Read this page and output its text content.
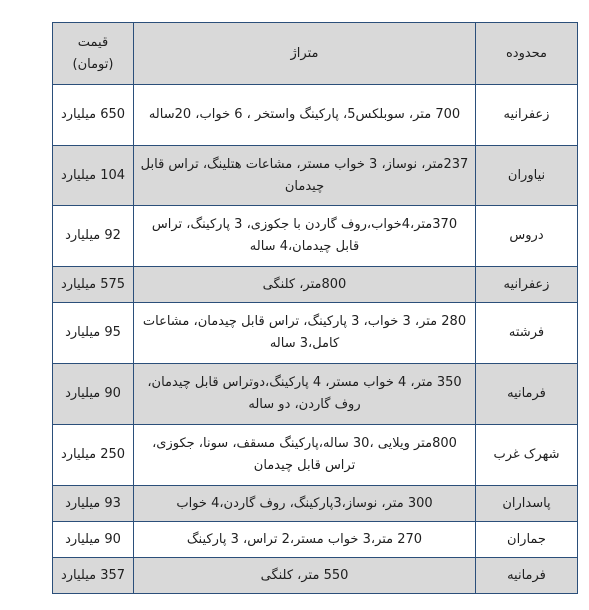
محدوده	متراژ	قیمت (تومان)
زعفرانیه	700 متر، سوبلکس5، پارکینگ واستخر ، 6 خواب، 20ساله	650 میلیارد
نیاوران	237متر، نوساز، 3 خواب مستر، مشاعات هتلینگ، تراس قابل چیدمان	104 میلیارد
دروس	370متر،4خواب،روف گاردن با جکوزی، 3 پارکینگ، تراس قابل چیدمان،4 ساله	92 میلیارد
زعفرانیه	800متر، کلنگی	575 میلیارد
فرشته	280 متر، 3 خواب، 3 پارکینگ، تراس قابل چیدمان، مشاعات کامل،3 ساله	95 میلیارد
فرمانیه	350 متر، 4 خواب مستر، 4 پارکینگ،دوتراس قابل چیدمان، روف گاردن، دو ساله	90 میلیارد
شهرک غرب	800متر ویلایی ،30 ساله،پارکینگ مسقف، سونا، جکوزی، تراس قابل چیدمان	250 میلیارد
پاسداران	300 متر، نوساز،3پارکینگ، روف گاردن،4 خواب	93 میلیارد
جماران	270 متر،3 خواب مستر،2 تراس، 3 پارکینگ	90 میلیارد
فرمانیه	550 متر، کلنگی	357 میلیارد
